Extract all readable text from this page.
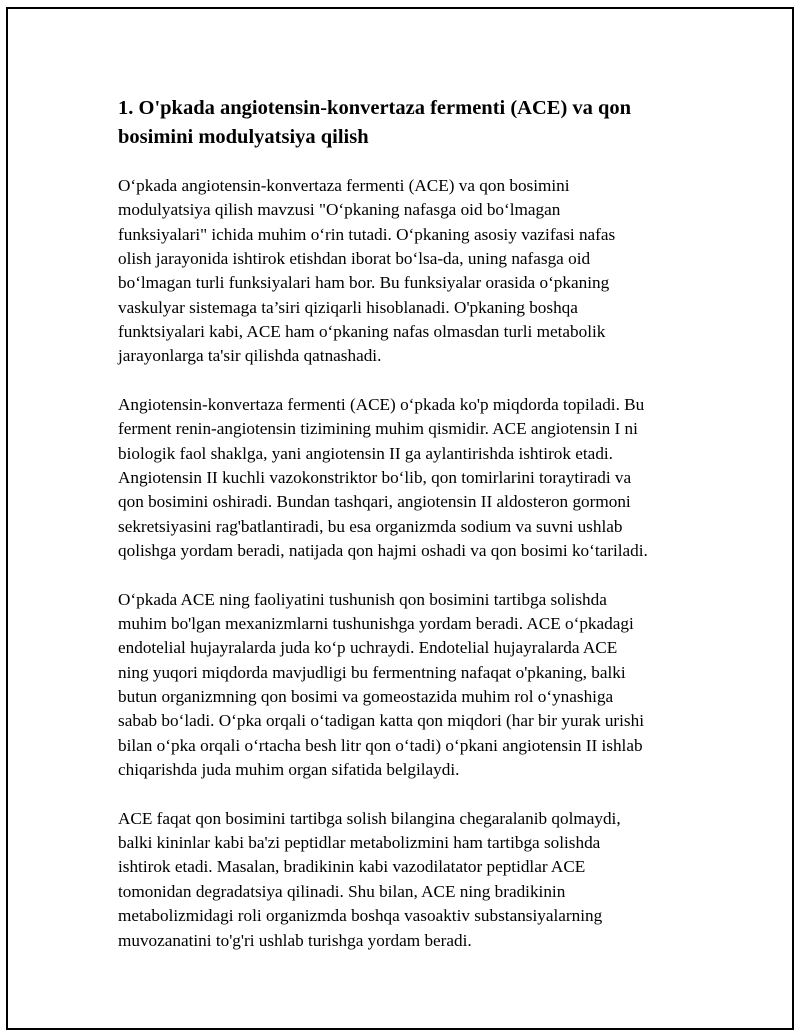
1. O'pkada angiotensin-konvertaza fermenti (ACE) va qon
bosimini modulyatsiya qilish

O‘pkada angiotensin-konvertaza fermenti (ACE) va qon bosimini
modulyatsiya qilish mavzusi "O‘pkaning nafasga oid bo‘lmagan
funksiyalari" ichida muhim o‘rin tutadi. O‘pkaning asosiy vazifasi nafas
olish jarayonida ishtirok etishdan iborat bo‘lsa-da, uning nafasga oid
bo‘lmagan turli funksiyalari ham bor. Bu funksiyalar orasida o‘pkaning
vaskulyar sistemaga ta’siri qiziqarli hisoblanadi. O'pkaning boshqa
funktsiyalari kabi, ACE ham o‘pkaning nafas olmasdan turli metabolik
jarayonlarga ta'sir qilishda qatnashadi.

Angiotensin-konvertaza fermenti (ACE) o‘pkada ko'p miqdorda topiladi. Bu
ferment renin-angiotensin tizimining muhim qismidir. ACE angiotensin I ni
biologik faol shaklga, yani angiotensin II ga aylantirishda ishtirok etadi.
Angiotensin II kuchli vazokonstriktor bo‘lib, qon tomirlarini toraytiradi va
qon bosimini oshiradi. Bundan tashqari, angiotensin II aldosteron gormoni
sekretsiyasini rag'batlantiradi, bu esa organizmda sodium va suvni ushlab
qolishga yordam beradi, natijada qon hajmi oshadi va qon bosimi ko‘tariladi.

O‘pkada ACE ning faoliyatini tushunish qon bosimini tartibga solishda
muhim bo'lgan mexanizmlarni tushunishga yordam beradi. ACE o‘pkadagi
endotelial hujayralarda juda ko‘p uchraydi. Endotelial hujayralarda ACE
ning yuqori miqdorda mavjudligi bu fermentning nafaqat o'pkaning, balki
butun organizmning qon bosimi va gomeostazida muhim rol o‘ynashiga
sabab bo‘ladi. O‘pka orqali o‘tadigan katta qon miqdori (har bir yurak urishi
bilan o‘pka orqali o‘rtacha besh litr qon o‘tadi) o‘pkani angiotensin II ishlab
chiqarishda juda muhim organ sifatida belgilaydi.

ACE faqat qon bosimini tartibga solish bilangina chegaralanib qolmaydi,
balki kininlar kabi ba'zi peptidlar metabolizmini ham tartibga solishda
ishtirok etadi. Masalan, bradikinin kabi vazodilatator peptidlar ACE
tomonidan degradatsiya qilinadi. Shu bilan, ACE ning bradikinin
metabolizmidagi roli organizmda boshqa vasoaktiv substansiyalarning
muvozanatini to'g'ri ushlab turishga yordam beradi.
